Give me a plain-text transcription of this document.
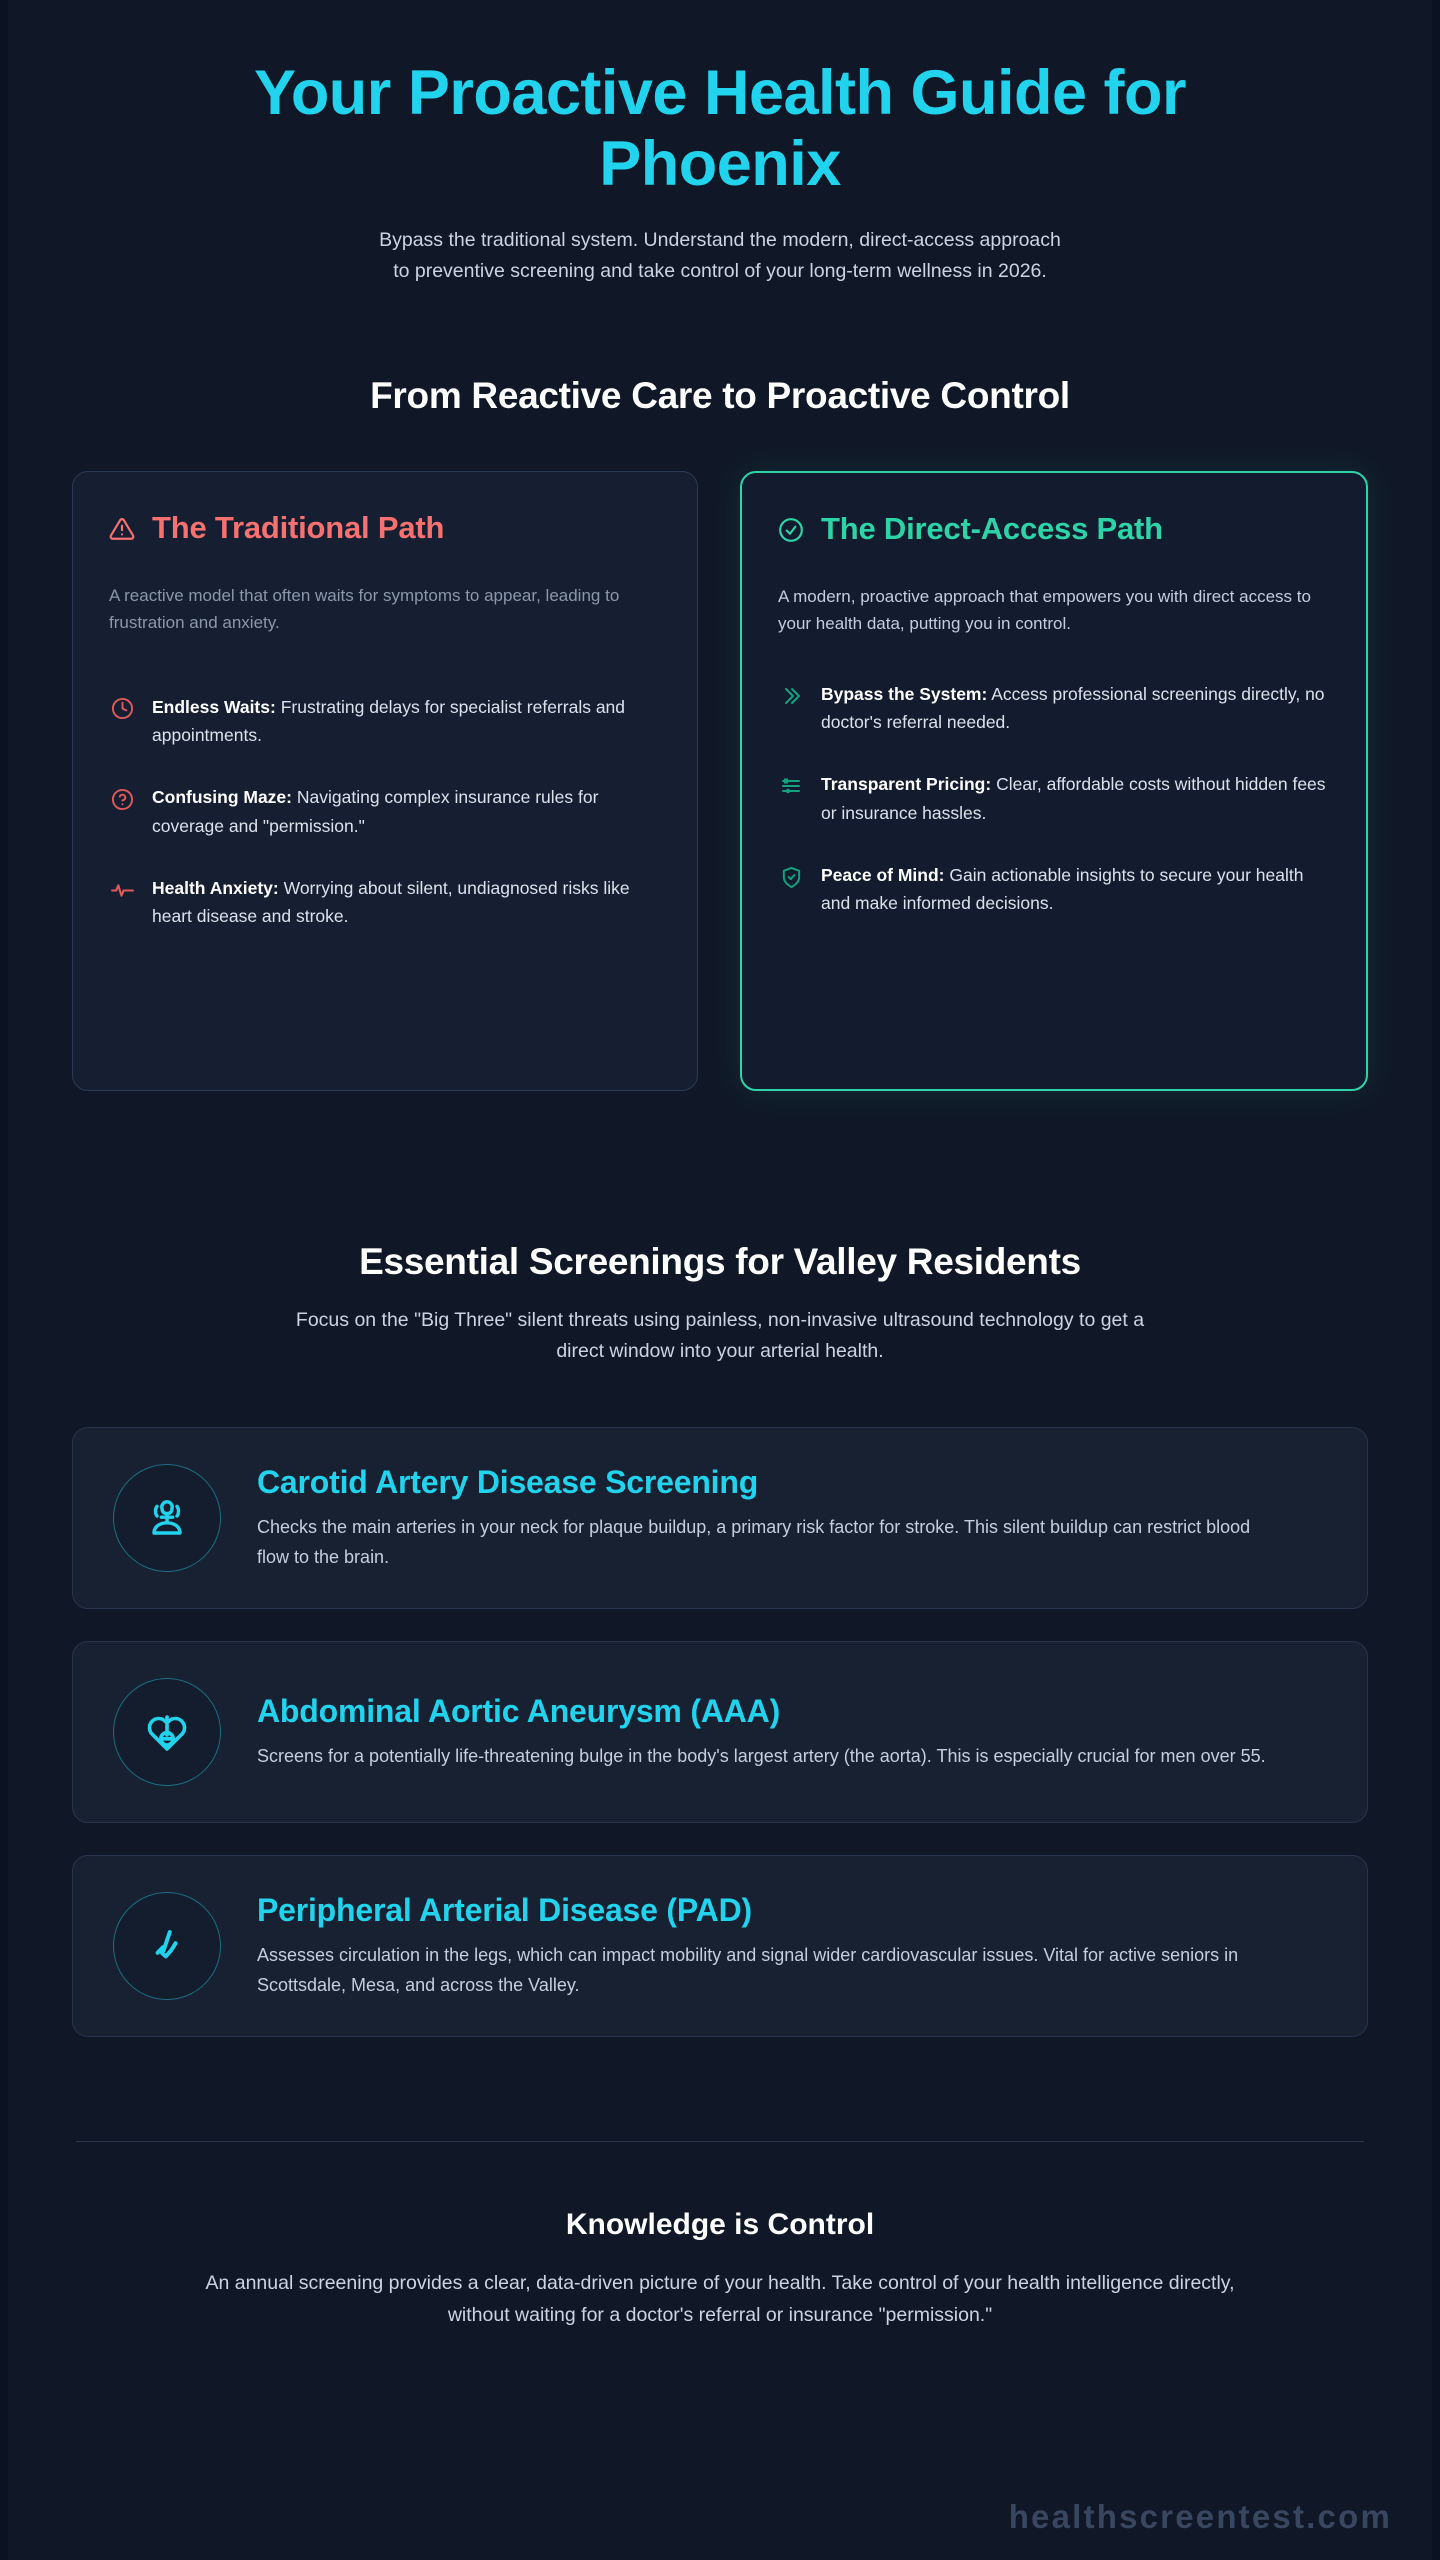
Your Proactive Health Guide for Phoenix

Bypass the traditional system. Understand the modern, direct-access approach to preventive screening and take control of your long-term wellness in 2026.

From Reactive Care to Proactive Control
The Traditional Path

A reactive model that often waits for symptoms to appear, leading to frustration and anxiety.

Endless Waits: Frustrating delays for specialist referrals and appointments.
Confusing Maze: Navigating complex insurance rules for coverage and "permission."
Health Anxiety: Worrying about silent, undiagnosed risks like heart disease and stroke.
The Direct-Access Path

A modern, proactive approach that empowers you with direct access to your health data, putting you in control.

Bypass the System: Access professional screenings directly, no doctor's referral needed.
Transparent Pricing: Clear, affordable costs without hidden fees or insurance hassles.
Peace of Mind: Gain actionable insights to secure your health and make informed decisions.
Essential Screenings for Valley Residents

Focus on the "Big Three" silent threats using painless, non-invasive ultrasound technology to get a direct window into your arterial health.

Carotid Artery Disease Screening
Checks the main arteries in your neck for plaque buildup, a primary risk factor for stroke. This silent buildup can restrict blood flow to the brain.
Abdominal Aortic Aneurysm (AAA)
Screens for a potentially life-threatening bulge in the body's largest artery (the aorta). This is especially crucial for men over 55.
Peripheral Arterial Disease (PAD)
Assesses circulation in the legs, which can impact mobility and signal wider cardiovascular issues. Vital for active seniors in Scottsdale, Mesa, and across the Valley.
Knowledge is Control

An annual screening provides a clear, data-driven picture of your health. Take control of your health intelligence directly, without waiting for a doctor's referral or insurance "permission."

healthscreentest.com
